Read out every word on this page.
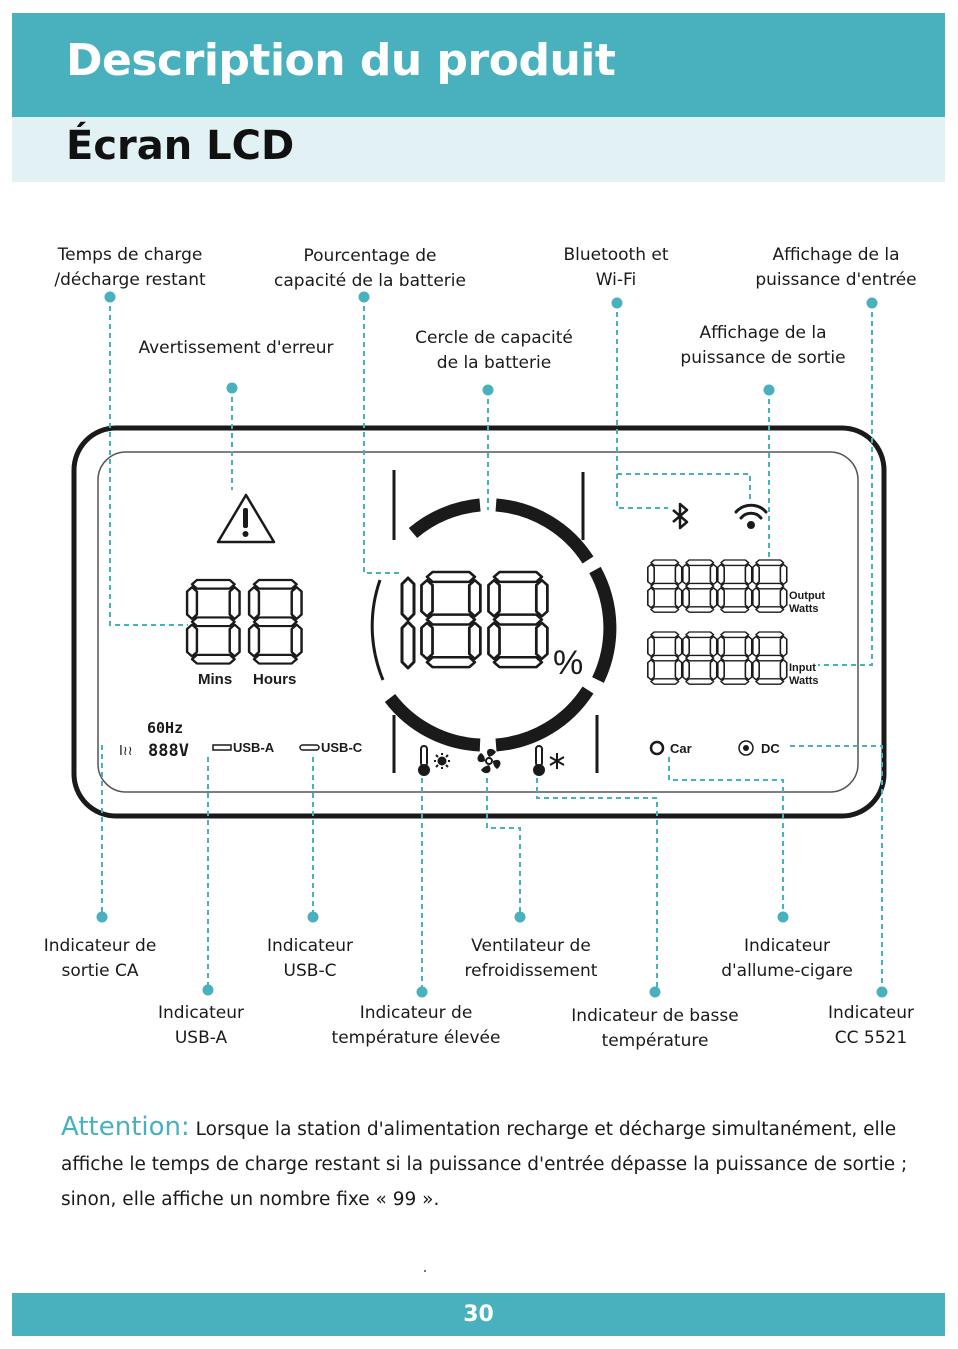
Description du produit
Écran LCD
Temps de charge
/décharge restant
Pourcentage de
capacité de la batterie
Bluetooth et
Wi-Fi
Affichage de la
puissance d'entrée
Avertissement d'erreur	Cercle de capacité
de la batterie
Affichage de la
puissance de sortie
Indicateur de
sortie CA
Indicateur
USB-C
Ventilateur de
refroidissement
Indicateur
d'allume-cigare
Indicateur
USB-A
Indicateur de
température élevée
Indicateur de basse
température
Indicateur
CC 5521
Mins Hours	%
Output
Watts
Input
Watts
60Hz
I≀≀ 888V	USB-A	USB-C	Car	DC
Attention: Lorsque la station d'alimentation recharge et décharge simultanément, elle affiche le temps de charge restant si la puissance d'entrée dépasse la puissance de sortie ; sinon, elle affiche un nombre fixe « 99 ».
30
